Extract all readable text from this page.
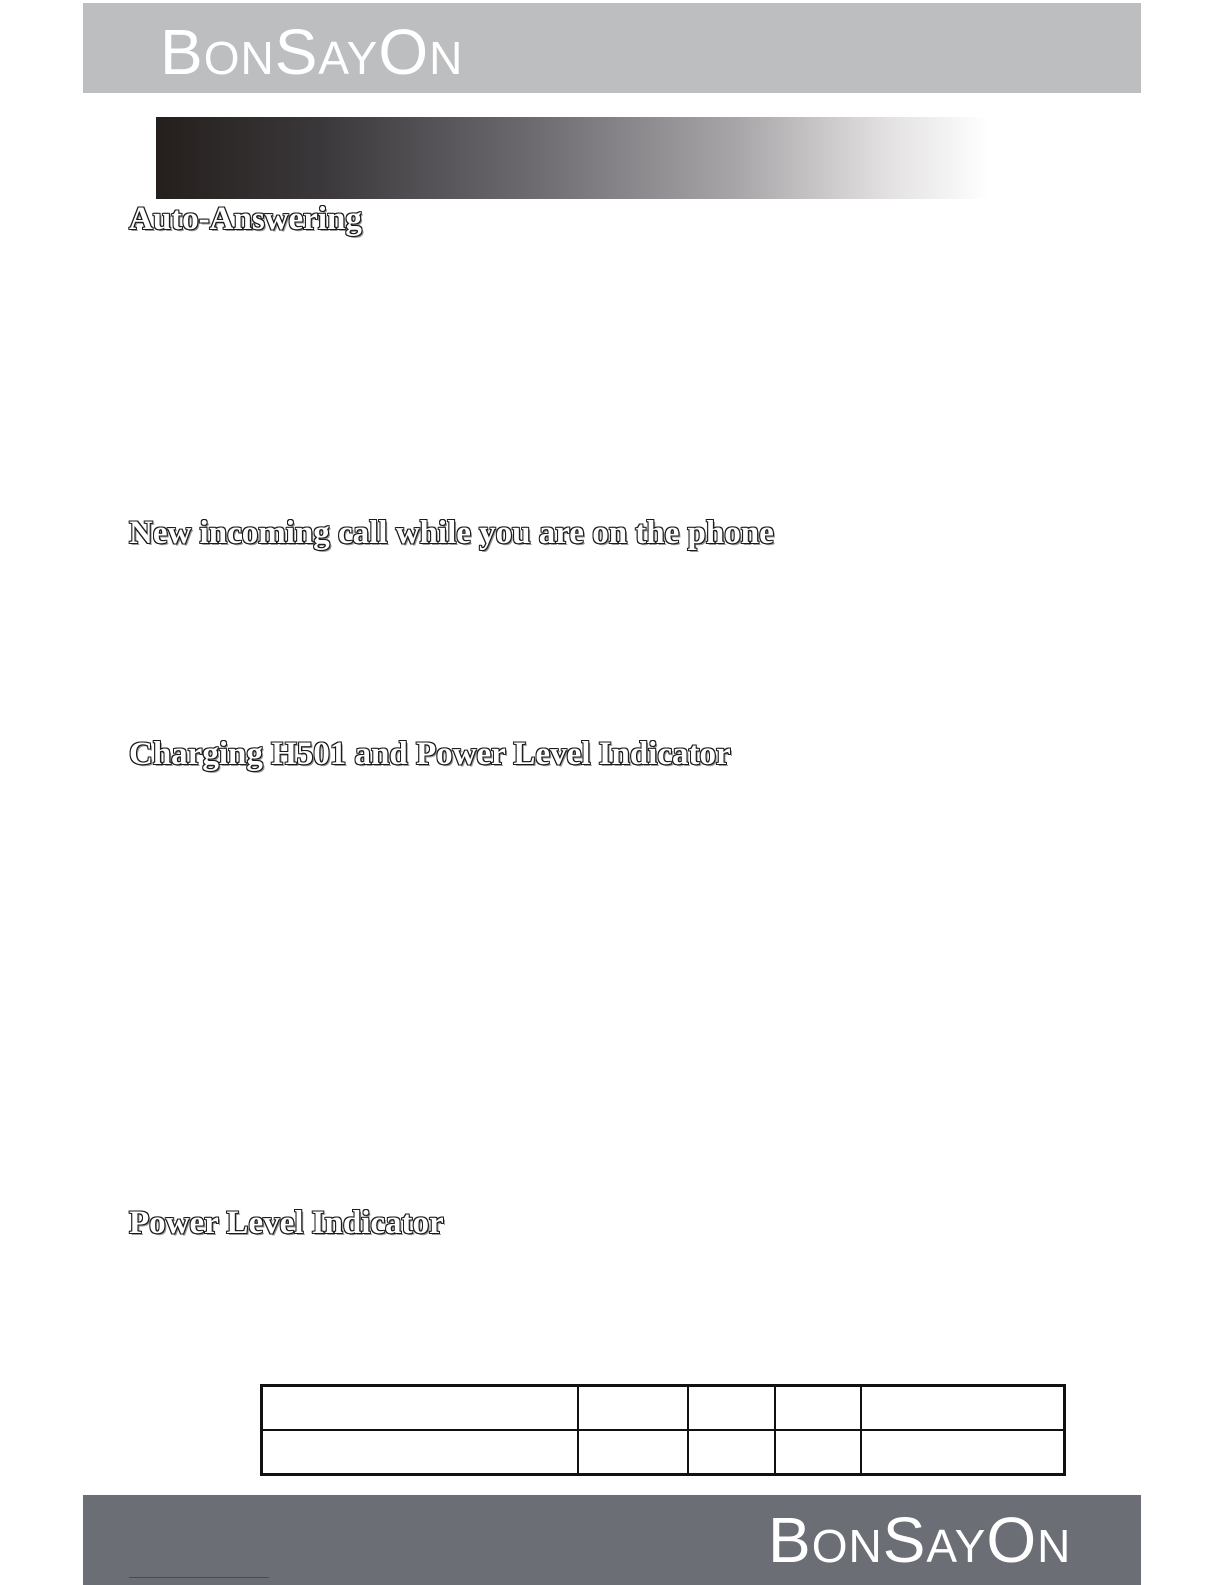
BONSAYON
Auto-Answering
New incoming call while you are on the phone
Charging H501 and Power Level Indicator
Power Level Indicator

BONSAYON
